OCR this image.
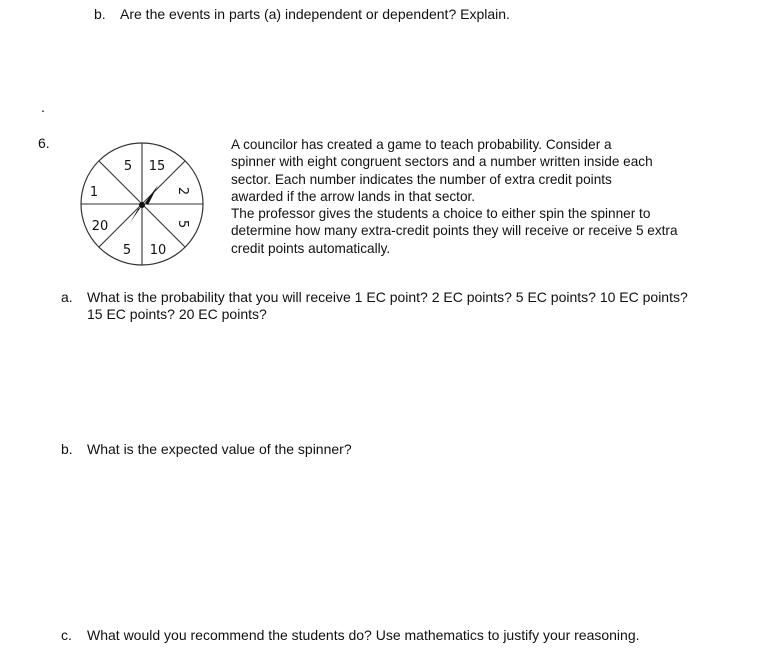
b. Are the events in parts (a) independent or dependent? Explain.
.
6.
5 15
2
5
10
5
20
1
A councilor has created a game to teach probability. Consider a
spinner with eight congruent sectors and a number written inside each
sector. Each number indicates the number of extra credit points
awarded if the arrow lands in that sector.
The professor gives the students a choice to either spin the spinner to
determine how many extra-credit points they will receive or receive 5 extra
credit points automatically.
a. What is the probability that you will receive 1 EC point? 2 EC points? 5 EC points? 10 EC points?
15 EC points? 20 EC points?
b. What is the expected value of the spinner?
c. What would you recommend the students do? Use mathematics to justify your reasoning.
